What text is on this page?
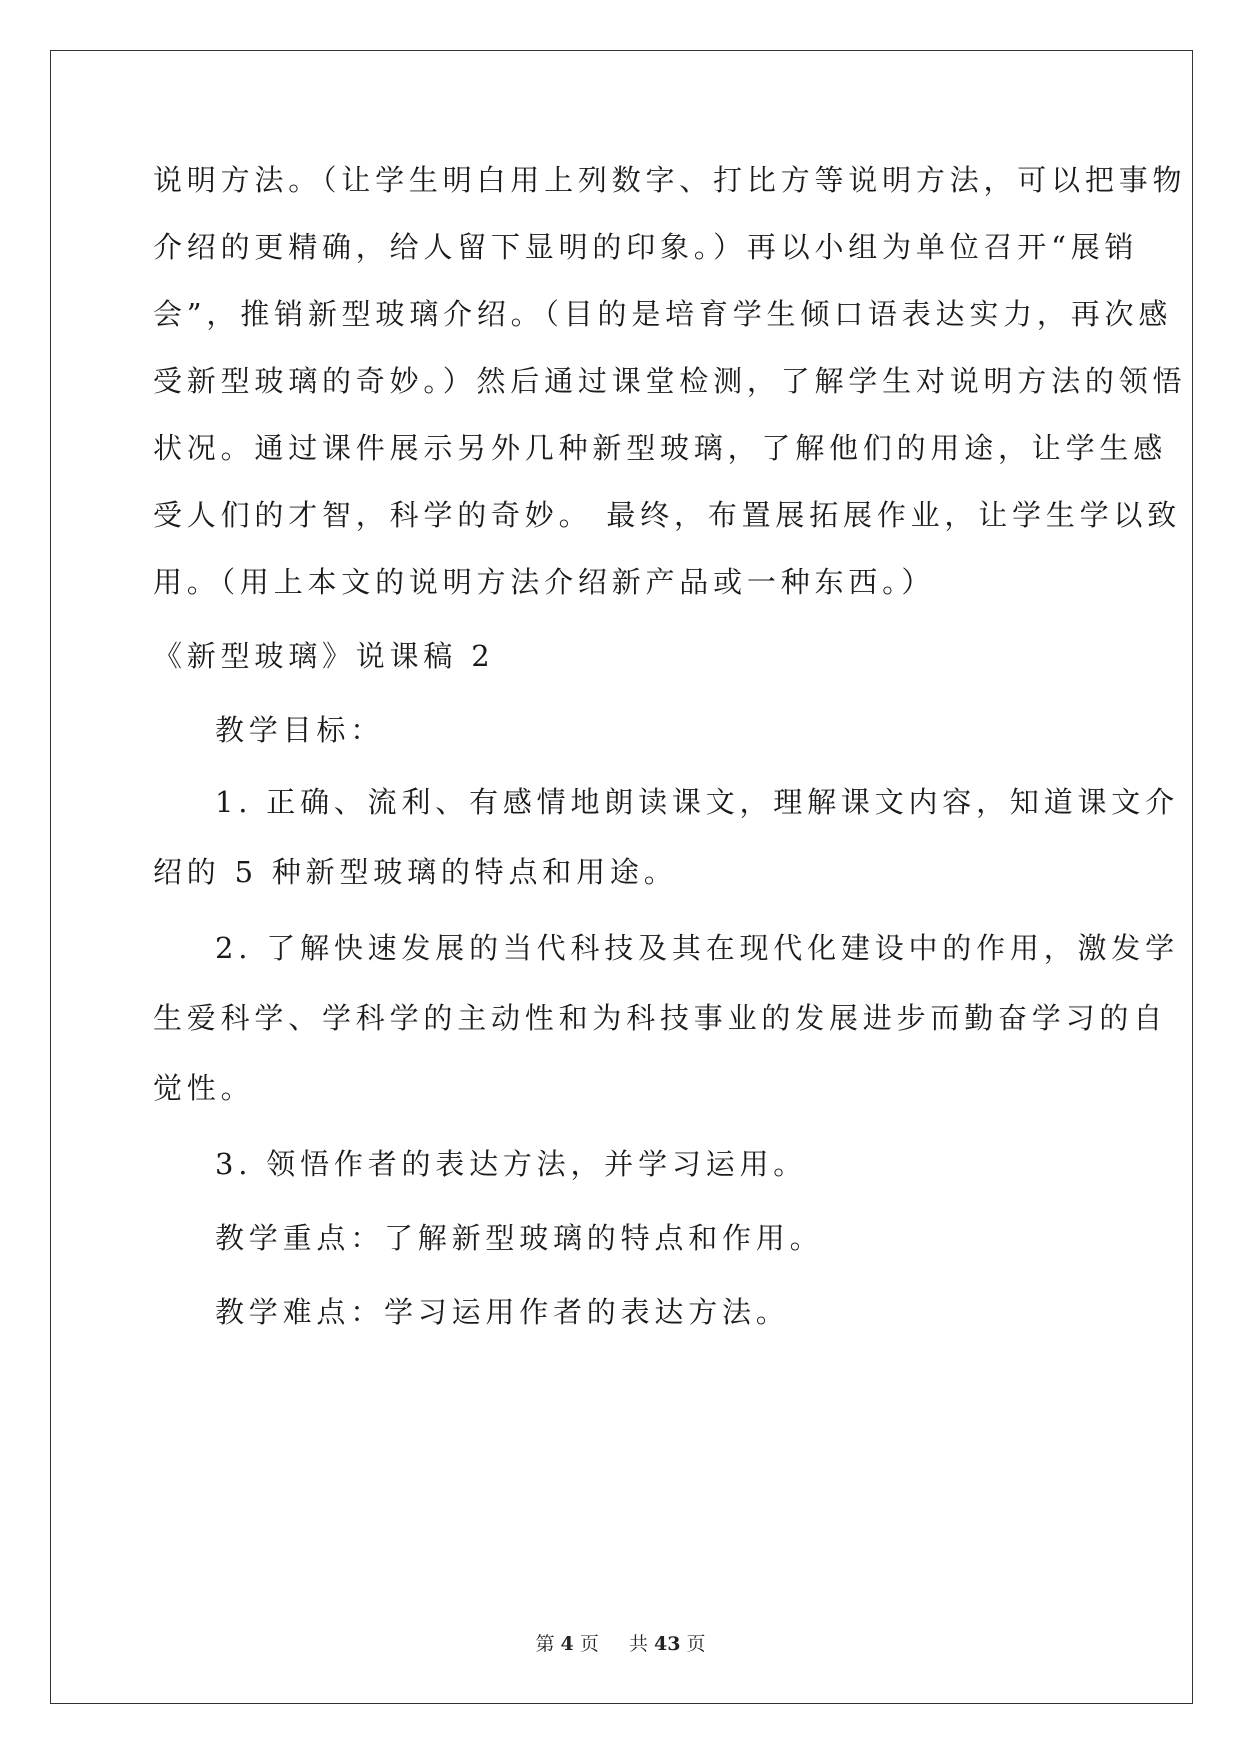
说明方法。（让学生明白用上列数字、打比方等说明方法，可以把事物
介绍的更精确，给人留下显明的印象。）再以小组为单位召开“展销
会”，推销新型玻璃介绍。（目的是培育学生倾口语表达实力，再次感
受新型玻璃的奇妙。）然后通过课堂检测，了解学生对说明方法的领悟
状况。通过课件展示另外几种新型玻璃，了解他们的用途，让学生感
受人们的才智，科学的奇妙。 最终，布置展拓展作业，让学生学以致
用。（用上本文的说明方法介绍新产品或一种东西。）
《新型玻璃》说课稿 2
教学目标：
1. 正确、流利、有感情地朗读课文，理解课文内容，知道课文介
绍的 5 种新型玻璃的特点和用途。
2. 了解快速发展的当代科技及其在现代化建设中的作用，激发学
生爱科学、学科学的主动性和为科技事业的发展进步而勤奋学习的自
觉性。
3. 领悟作者的表达方法，并学习运用。
教学重点：了解新型玻璃的特点和作用。
教学难点：学习运用作者的表达方法。
第 4 页 共 43 页
